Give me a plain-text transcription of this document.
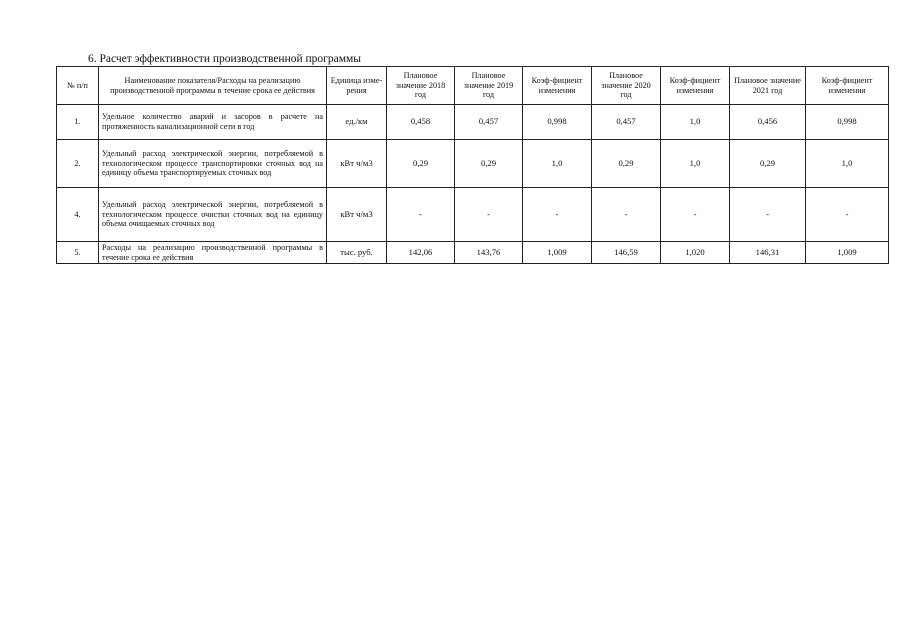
6. Расчет эффективности производственной программы
№ п/п	Наименование показателя/Расходы на реализацию производственной программы в течение срока ее действия	Единица изме-рения	Плановое значение 2018 год	Плановое значение 2019 год	Коэф-фициент изменения	Плановое значение 2020 год	Коэф-фициент изменения	Плановое значение 2021 год	Коэф-фициент изменения
1.	Удельное количество аварий и засоров в расчете на протяженность канализационной сети в год	ед./км	0,458	0,457	0,998	0,457	1,0	0,456	0,998
2.	Удельный расход электрической энергии, потребляемой в технологическом процессе транспортировки сточных вод на единицу объема транспортируемых сточных вод	кВт ч/м3	0,29	0,29	1,0	0,29	1,0	0,29	1,0
4.	Удельный расход электрической энергии, потребляемой в технологическом процессе очистки сточных вод на единицу объема очищаемых сточных вод	кВт ч/м3	-	-	-	-	-	-	-
5.	Расходы на реализацию производственной программы в течение срока ее действия	тыс. руб.	142,06	143,76	1,009	146,59	1,020	146,31	1,009
